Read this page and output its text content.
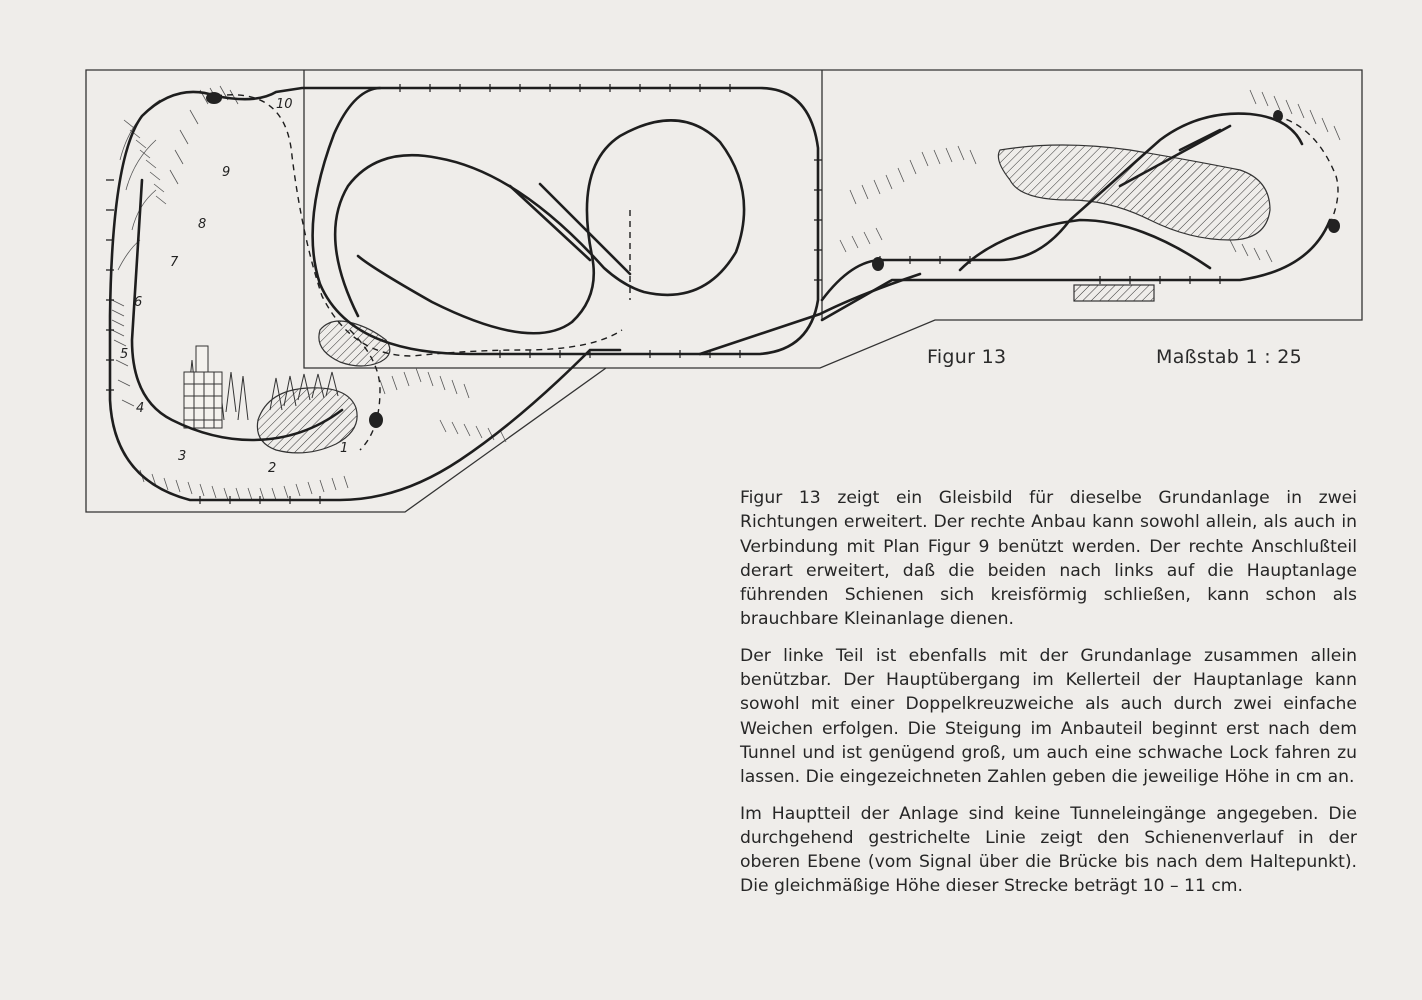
1
2
3
4
5
6
7
8
9
10
Figur 13	Maßstab 1 : 25

Figur 13 zeigt ein Gleisbild für dieselbe Grundanlage in zwei Richtungen erweitert. Der rechte Anbau kann sowohl allein, als auch in Verbindung mit Plan Figur 9 benützt werden. Der rechte Anschlußteil derart erweitert, daß die beiden nach links auf die Hauptanlage führenden Schienen sich kreisförmig schließen, kann schon als brauchbare Kleinanlage dienen.

Der linke Teil ist ebenfalls mit der Grundanlage zusammen allein benützbar. Der Hauptübergang im Kellerteil der Hauptanlage kann sowohl mit einer Doppelkreuzweiche als auch durch zwei einfache Weichen erfolgen. Die Steigung im Anbauteil beginnt erst nach dem Tunnel und ist genügend groß, um auch eine schwache Lock fahren zu lassen. Die eingezeichneten Zahlen geben die jeweilige Höhe in cm an.

Im Hauptteil der Anlage sind keine Tunneleingänge angegeben. Die durchgehend gestrichelte Linie zeigt den Schienenverlauf in der oberen Ebene (vom Signal über die Brücke bis nach dem Haltepunkt). Die gleichmäßige Höhe dieser Strecke beträgt 10 – 11 cm.
